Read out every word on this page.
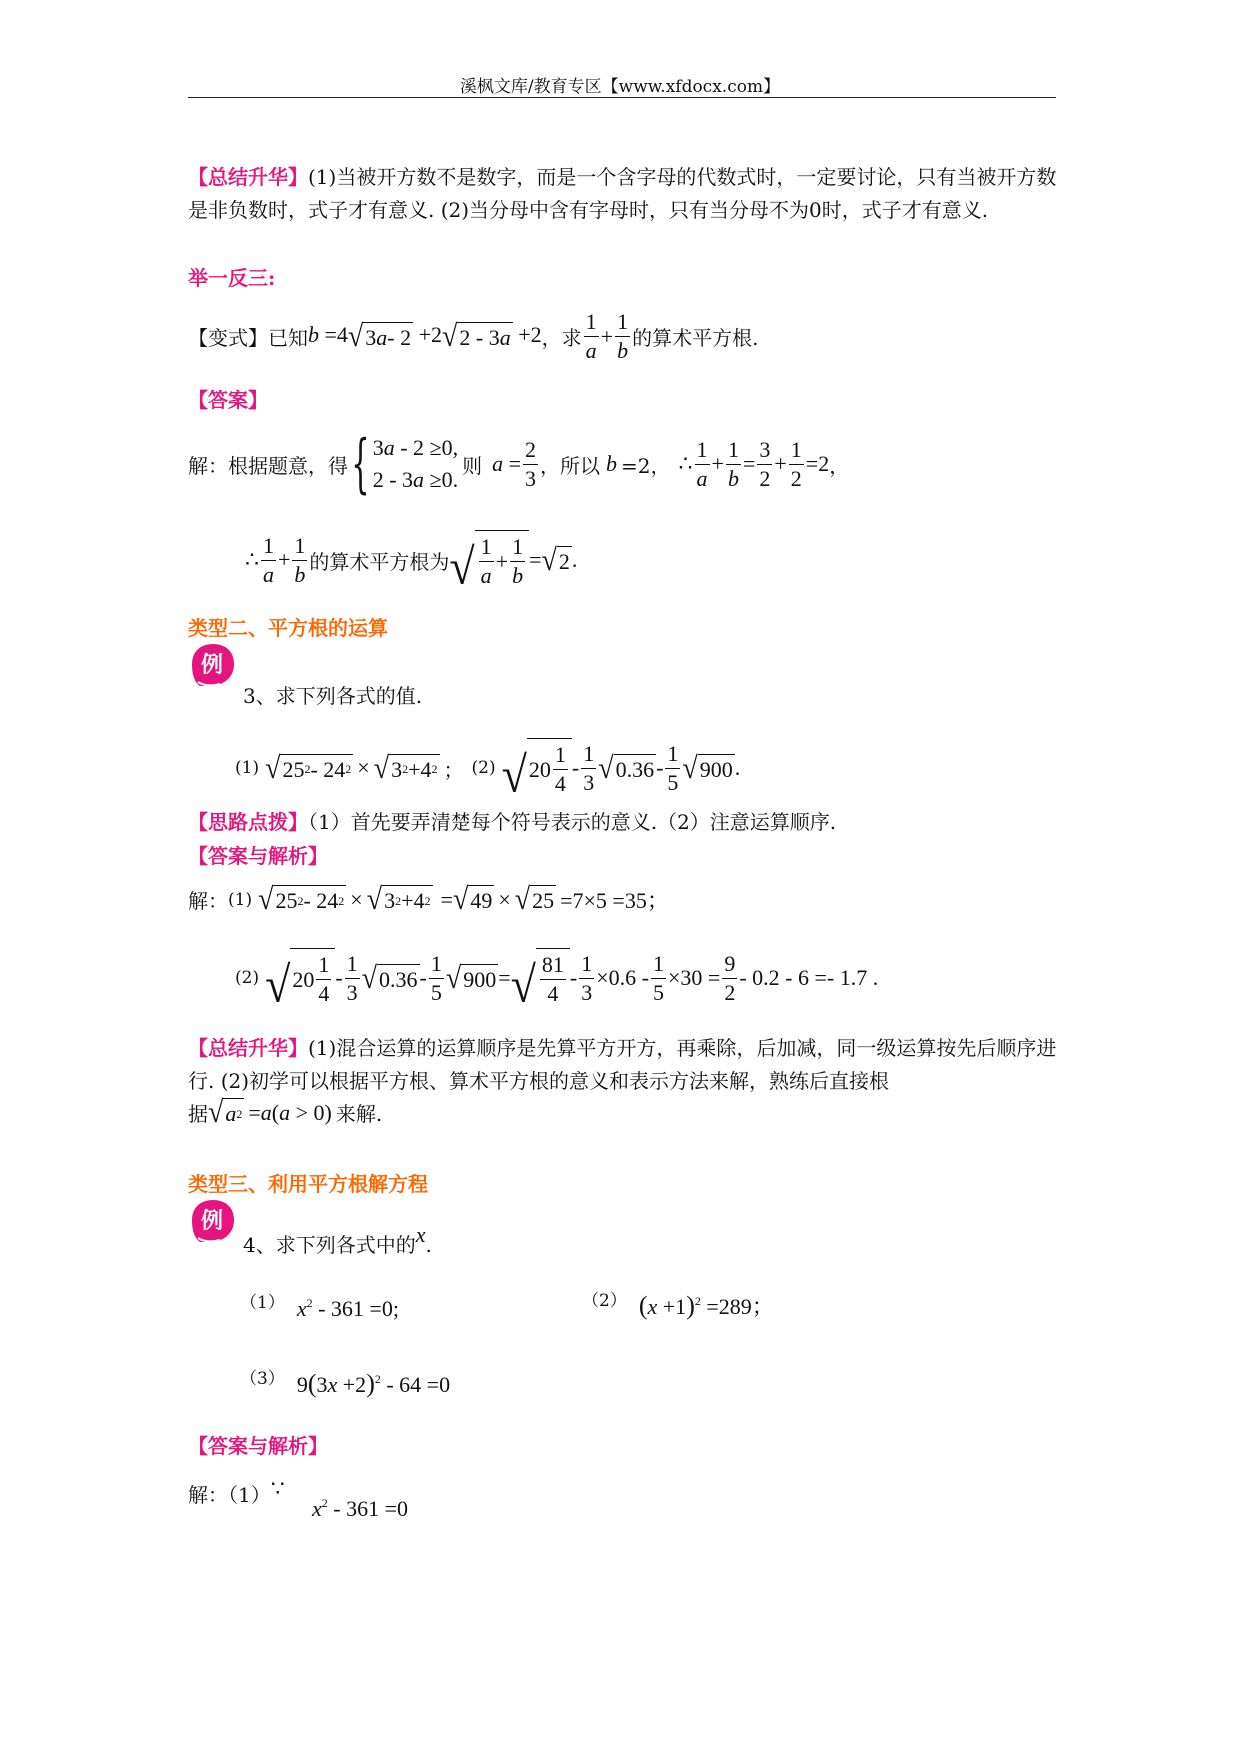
溪枫文库/教育专区【www.xfdocx.com】
【总结升华】(1)当被开方数不是数字，而是一个含字母的代数式时，一定要讨论，只有当被开方数是非负数时，式子才有意义. (2)当分母中含有字母时，只有当分母不为0时，式子才有意义.
举一反三:
【变式】 已知 b =4 √ 3 a - 2 +2 √ 2 - 3 a +2 ，求 $\frac{1}{a} + \frac{1}{b}$ 的算术平方根.
【答案】
解：根据题意，得 { 3a - 2 ≥0,
2 - 3a ≥0.
则 $a = \frac{2}{3}$ ，所以 b =2， ∴ $\frac{1}{a} + \frac{1}{b} = \frac{3}{2} + \frac{1}{2} =2$ ，
∴ $\frac{1}{a} + \frac{1}{b}$ 的算术平方根为 √ $\frac{1}{a} + \frac{1}{b}$ = √ 2 .
类型二、平方根的运算
例
3、求下列各式的值.
(1) √ 25 2 - 24 2 × √ 3 2 +4 2 ； (2) √ $20 \frac{1}{4} - \frac{1}{3}$ √ $0.36 - \frac{1}{5}$ √ 900 .
【思路点拨】（1）首先要弄清楚每个符号表示的意义.（2）注意运算顺序.
【答案与解析】
解： (1) √ 25 2 - 24 2 × √ 3 2 +4 2 = √ 49 × √ 25 =7×5 =35；
(2) √ $20 \frac{1}{4} - \frac{1}{3}$ √ $0.36 - \frac{1}{5}$ √ 900 = √ $\frac{81}{4} - \frac{1}{3} \times 0.6 - \frac{1}{5} \times 30 = \frac{9}{2} - 0.2 - 6 =- 1.7$ .
【总结升华】(1)混合运算的运算顺序是先算平方开方，再乘除，后加减，同一级运算按先后顺序进行. (2)初学可以根据平方根、算术平方根的意义和表示方法来解，熟练后直接根
据 √ a 2 =a(a > 0) 来解.
类型三、利用平方根解方程
例
4、求下列各式中的x.
$^{(1)}$ $x^2 - 361 =0$;	$^{(2)}$ $(x +1)^2 =289$；
$^{(3)}$ $9(3x +2)^2 - 64 =0$
【答案与解析】
解：（1）∵
$x^2 - 361 =0$
